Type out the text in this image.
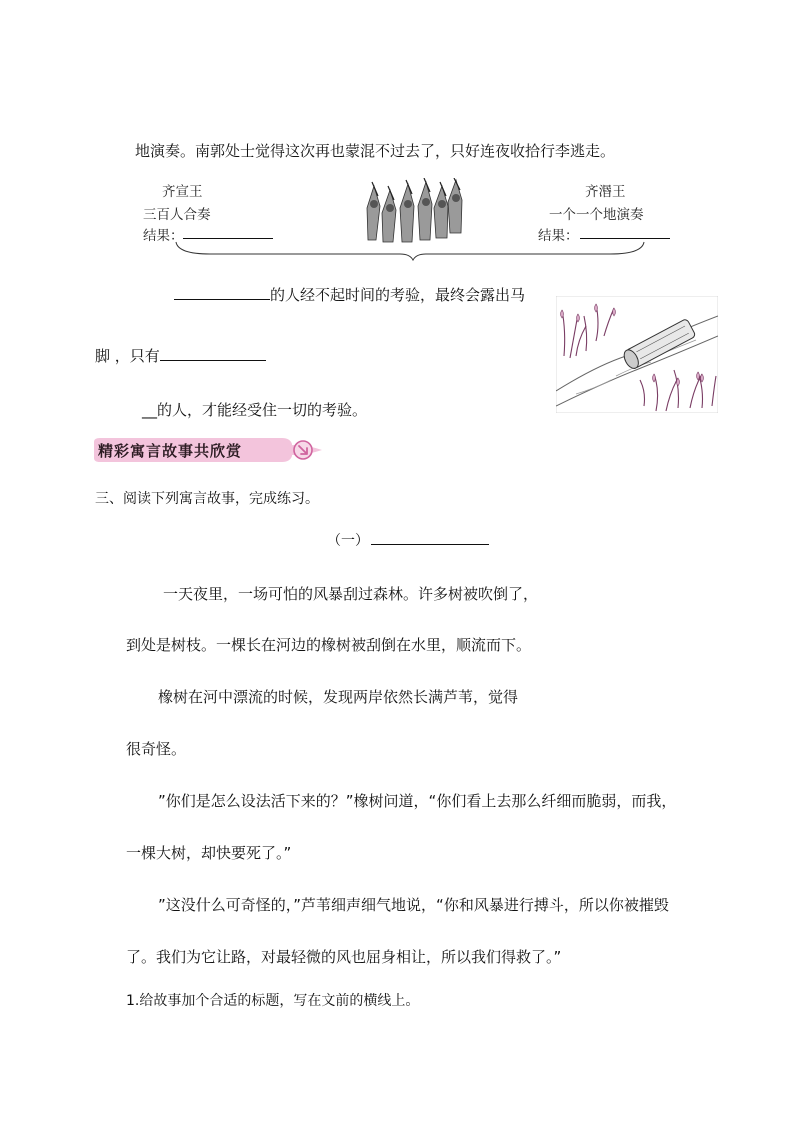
地演奏。南郭处士觉得这次再也蒙混不过去了，只好连夜收拾行李逃走。
齐宣王
三百人合奏
结果：
齐湣王
一个一个地演奏
结果：
的人经不起时间的考验，最终会露出马
脚 ，只有
__的人，才能经受住一切的考验。
精彩寓言故事共欣赏
三、阅读下列寓言故事，完成练习。
（一）
一天夜里，一场可怕的风暴刮过森林。许多树被吹倒了，
到处是树枝。一棵长在河边的橡树被刮倒在水里，顺流而下。
橡树在河中漂流的时候，发现两岸依然长满芦苇，觉得
很奇怪。
”你们是怎么设法活下来的？”橡树问道，“你们看上去那么纤细而脆弱，而我，
一棵大树，却快要死了。”
”这没什么可奇怪的，”芦苇细声细气地说，“你和风暴进行搏斗，所以你被摧毁
了。我们为它让路，对最轻微的风也屈身相让，所以我们得救了。”
1.给故事加个合适的标题，写在文前的横线上。
